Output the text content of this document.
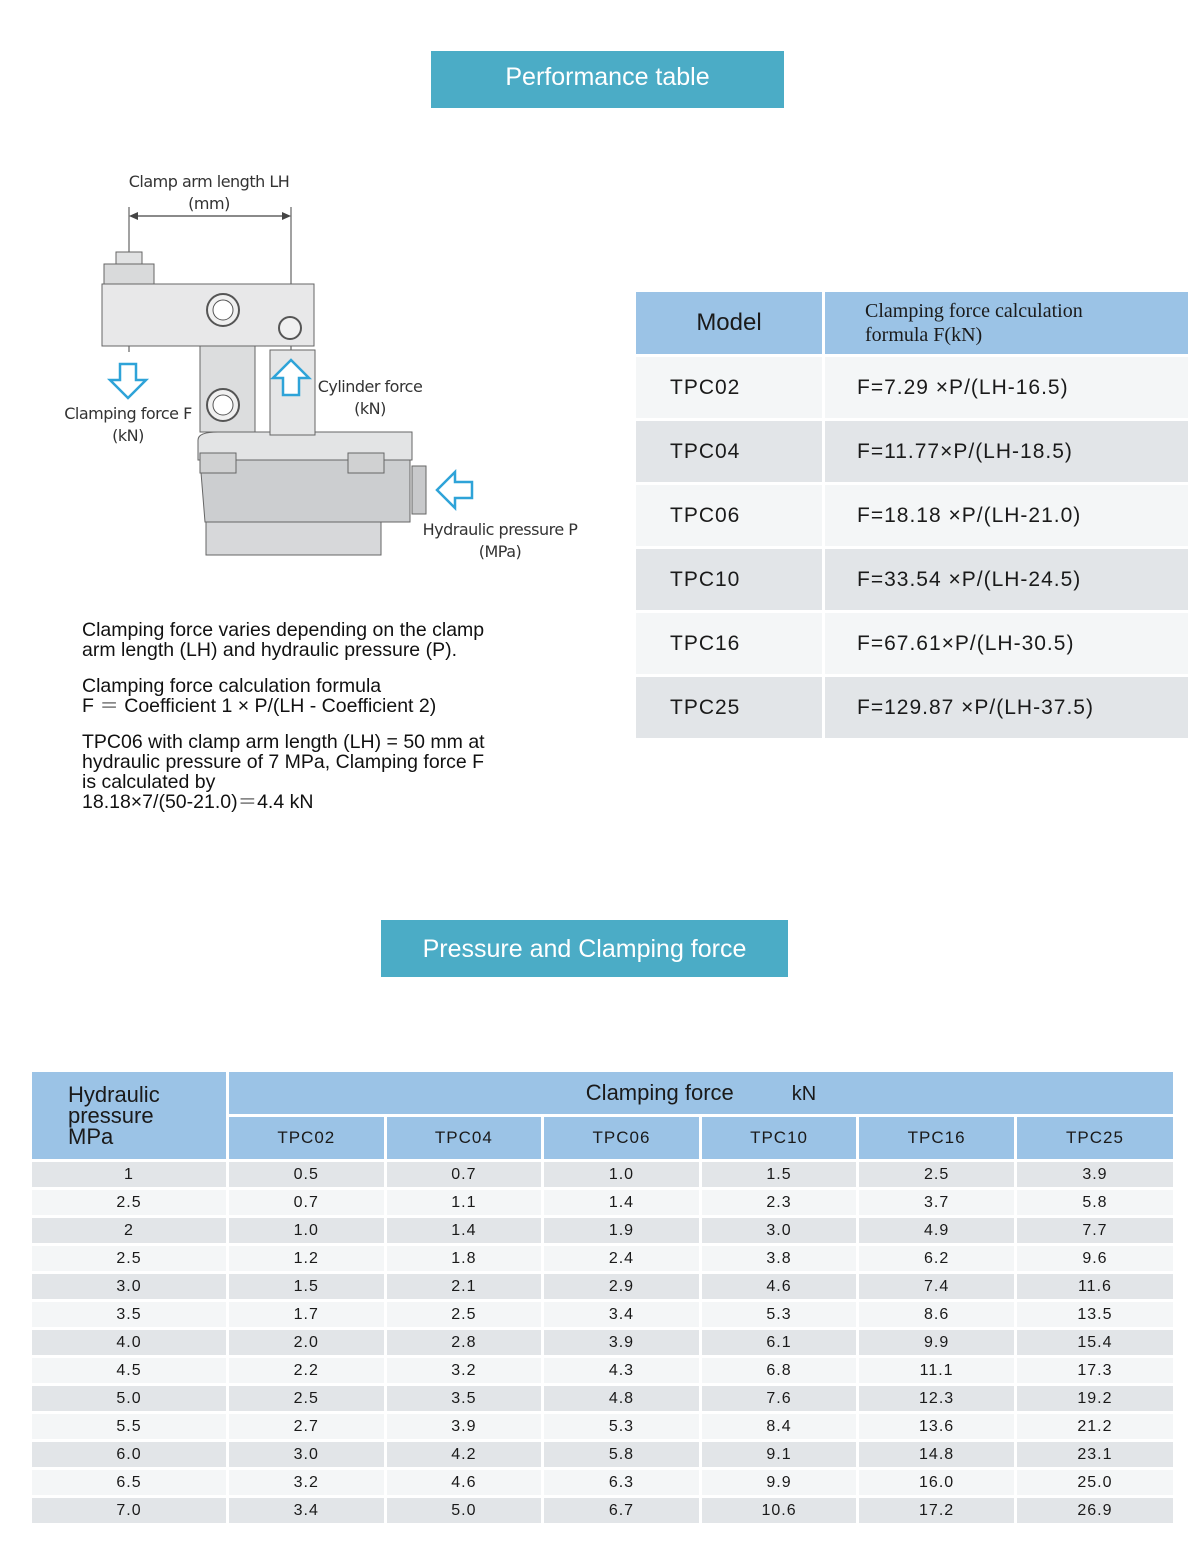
Performance table
Clamp arm length LH
(mm)
Clamping force F
(kN)
Cylinder force
(kN)
Hydraulic pressure P
(MPa)

Clamping force varies depending on the clamp
arm length (LH) and hydraulic pressure (P).

Clamping force calculation formula
F ＝ Coefficient 1 × P/(LH - Coefficient 2)

TPC06 with clamp arm length (LH) = 50 mm at
hydraulic pressure of 7 MPa, Clamping force F
is calculated by
18.18×7/(50-21.0)＝4.4 kN

Model	Clamping force calculation
formula F(kN)
TPC02	F=7.29 ×P/(LH-16.5)
TPC04	F=11.77×P/(LH-18.5)
TPC06	F=18.18 ×P/(LH-21.0)
TPC10	F=33.54 ×P/(LH-24.5)
TPC16	F=67.61×P/(LH-30.5)
TPC25	F=129.87 ×P/(LH-37.5)
Pressure and Clamping force
Hydraulic
pressure
MPa	Clamping force kN					
	TPC02	TPC04	TPC06	TPC10	TPC16	TPC25
1	0.5	0.7	1.0	1.5	2.5	3.9
2.5	0.7	1.1	1.4	2.3	3.7	5.8
2	1.0	1.4	1.9	3.0	4.9	7.7
2.5	1.2	1.8	2.4	3.8	6.2	9.6
3.0	1.5	2.1	2.9	4.6	7.4	11.6
3.5	1.7	2.5	3.4	5.3	8.6	13.5
4.0	2.0	2.8	3.9	6.1	9.9	15.4
4.5	2.2	3.2	4.3	6.8	11.1	17.3
5.0	2.5	3.5	4.8	7.6	12.3	19.2
5.5	2.7	3.9	5.3	8.4	13.6	21.2
6.0	3.0	4.2	5.8	9.1	14.8	23.1
6.5	3.2	4.6	6.3	9.9	16.0	25.0
7.0	3.4	5.0	6.7	10.6	17.2	26.9
